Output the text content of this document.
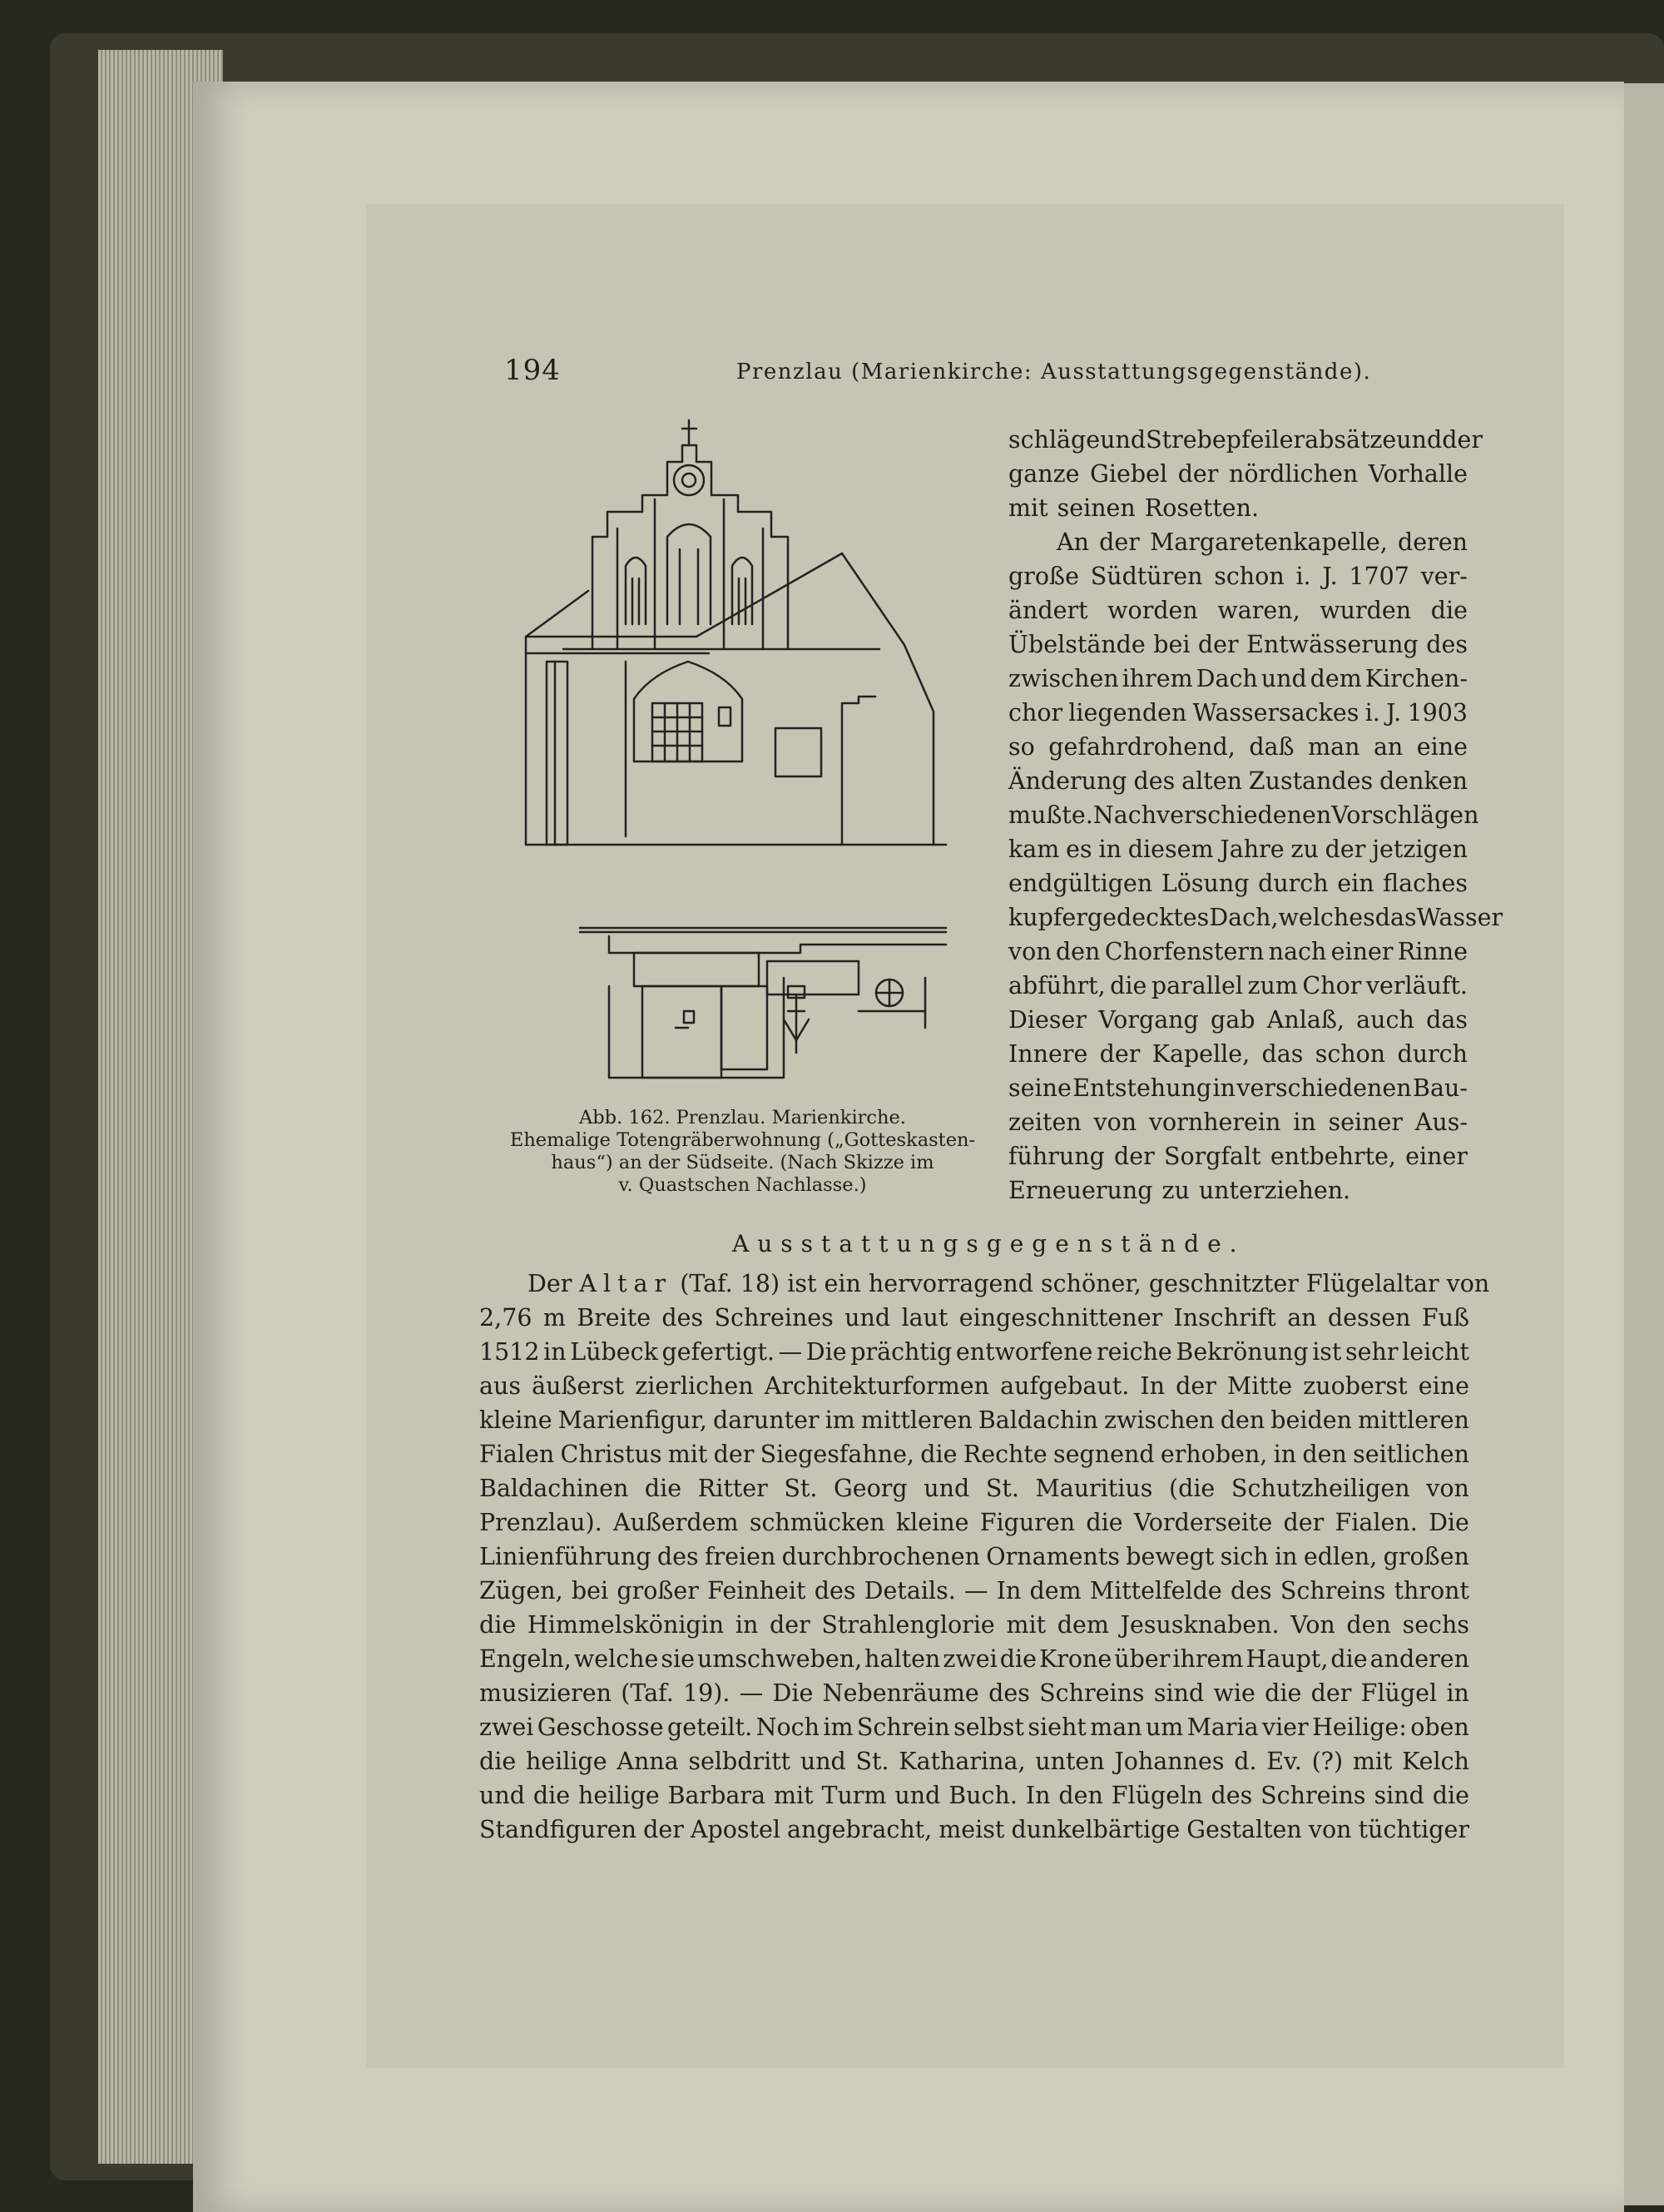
194	Prenzlau (Marienkirche: Ausstattungsgegenstände).
Abb. 162. Prenzlau. Marienkirche.
Ehemalige Totengräberwohnung („Gotteskasten-
haus“) an der Südseite. (Nach Skizze im
v. Quastschen Nachlasse.)
schläge und Strebepfeilerabsätze und der
ganze Giebel der nördlichen Vorhalle
mit seinen Rosetten.
An der Margaretenkapelle, deren
große Südtüren schon i. J. 1707 ver-
ändert worden waren, wurden die
Übelstände bei der Entwässerung des
zwischen ihrem Dach und dem Kirchen-
chor liegenden Wassersackes i. J. 1903
so gefahrdrohend, daß man an eine
Änderung des alten Zustandes denken
mußte. Nach verschiedenen Vorschlägen
kam es in diesem Jahre zu der jetzigen
endgültigen Lösung durch ein flaches
kupfergedecktes Dach, welches das Wasser
von den Chorfenstern nach einer Rinne
abführt, die parallel zum Chor verläuft.
Dieser Vorgang gab Anlaß, auch das
Innere der Kapelle, das schon durch
seine Entstehung in verschiedenen Bau-
zeiten von vornherein in seiner Aus-
führung der Sorgfalt entbehrte, einer
Erneuerung zu unterziehen.
Ausstattungsgegenstände.
Der Altar (Taf. 18) ist ein hervorragend schöner, geschnitzter Flügelaltar von
2,76 m Breite des Schreines und laut eingeschnittener Inschrift an dessen Fuß
1512 in Lübeck gefertigt. — Die prächtig entworfene reiche Bekrönung ist sehr leicht
aus äußerst zierlichen Architekturformen aufgebaut. In der Mitte zuoberst eine
kleine Marienfigur, darunter im mittleren Baldachin zwischen den beiden mittleren
Fialen Christus mit der Siegesfahne, die Rechte segnend erhoben, in den seitlichen
Baldachinen die Ritter St. Georg und St. Mauritius (die Schutzheiligen von
Prenzlau). Außerdem schmücken kleine Figuren die Vorderseite der Fialen. Die
Linienführung des freien durchbrochenen Ornaments bewegt sich in edlen, großen
Zügen, bei großer Feinheit des Details. — In dem Mittelfelde des Schreins thront
die Himmelskönigin in der Strahlenglorie mit dem Jesusknaben. Von den sechs
Engeln, welche sie umschweben, halten zwei die Krone über ihrem Haupt, die anderen
musizieren (Taf. 19). — Die Nebenräume des Schreins sind wie die der Flügel in
zwei Geschosse geteilt. Noch im Schrein selbst sieht man um Maria vier Heilige: oben
die heilige Anna selbdritt und St. Katharina, unten Johannes d. Ev. (?) mit Kelch
und die heilige Barbara mit Turm und Buch. In den Flügeln des Schreins sind die
Standfiguren der Apostel angebracht, meist dunkelbärtige Gestalten von tüchtiger
